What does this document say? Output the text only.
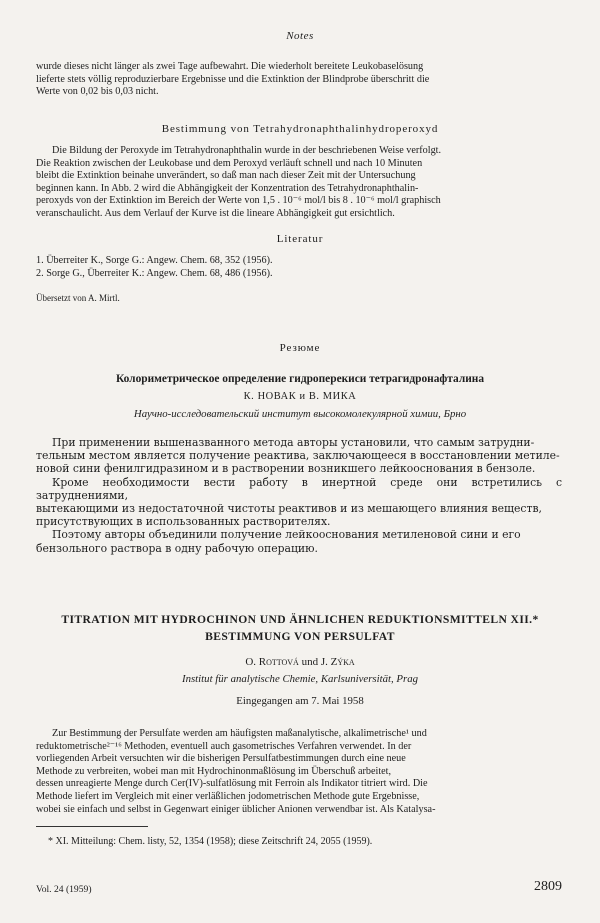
Notes
wurde dieses nicht länger als zwei Tage aufbewahrt. Die wiederholt bereitete Leukobaselösung
lieferte stets völlig reproduzierbare Ergebnisse und die Extinktion der Blindprobe überschritt die
Werte von 0,02 bis 0,03 nicht.
Bestimmung von Tetrahydronaphthalinhydroperoxyd
Die Bildung der Peroxyde im Tetrahydronaphthalin wurde in der beschriebenen Weise verfolgt.
Die Reaktion zwischen der Leukobase und dem Peroxyd verläuft schnell und nach 10 Minuten
bleibt die Extinktion beinahe unverändert, so daß man nach dieser Zeit mit der Untersuchung
beginnen kann. In Abb. 2 wird die Abhängigkeit der Konzentration des Tetrahydronaphthalin-
peroxyds von der Extinktion im Bereich der Werte von 1,5 . 10⁻⁶ mol/l bis 8 . 10⁻⁶ mol/l graphisch
veranschaulicht. Aus dem Verlauf der Kurve ist die lineare Abhängigkeit gut ersichtlich.
Literatur
1. Überreiter K., Sorge G.: Angew. Chem. 68, 352 (1956).
2. Sorge G., Überreiter K.: Angew. Chem. 68, 486 (1956).
Übersetzt von A. Mirtl.
Резюме
Колориметрическое определение гидроперекиси тетрагидронафталина
К. НОВАК и В. МИКА
Научно-исследовательский институт высокомолекулярной химии, Брно
При применении вышеназванного метода авторы установили, что самым затрудни-
тельным местом является получение реактива, заключающееся в восстановлении метиле-
новой сини фенилгидразином и в растворении возникшего лейкооснования в бензоле.
Кроме необходимости вести работу в инертной среде они встретились с затруднениями,
вытекающими из недостаточной чистоты реактивов и из мешающего влияния веществ,
присутствующих в использованных растворителях.
Поэтому авторы объединили получение лейкооснования метиленовой сини и его
бензольного раствора в одну рабочую операцию.
TITRATION MIT HYDROCHINON UND ÄHNLICHEN REDUKTIONSMITTELN XII.*
BESTIMMUNG VON PERSULFAT
O. Rottová und J. Zýka
Institut für analytische Chemie, Karlsuniversität, Prag
Eingegangen am 7. Mai 1958
Zur Bestimmung der Persulfate werden am häufigsten maßanalytische, alkalimetrische¹ und
reduktometrische²⁻¹⁶ Methoden, eventuell auch gasometrisches Verfahren verwendet. In der
vorliegenden Arbeit versuchten wir die bisherigen Persulfatbestimmungen durch eine neue
Methode zu verbreiten, wobei man mit Hydrochinonmaßlösung im Überschuß arbeitet,
dessen unreagierte Menge durch Cer(IV)-sulfatlösung mit Ferroin als Indikator titriert wird. Die
Methode liefert im Vergleich mit einer verläßlichen jodometrischen Methode gute Ergebnisse,
wobei sie einfach und selbst in Gegenwart einiger üblicher Anionen verwendbar ist. Als Katalysa-
* XI. Mitteilung: Chem. listy, 52, 1354 (1958); diese Zeitschrift 24, 2055 (1959).
Vol. 24 (1959)	2809
